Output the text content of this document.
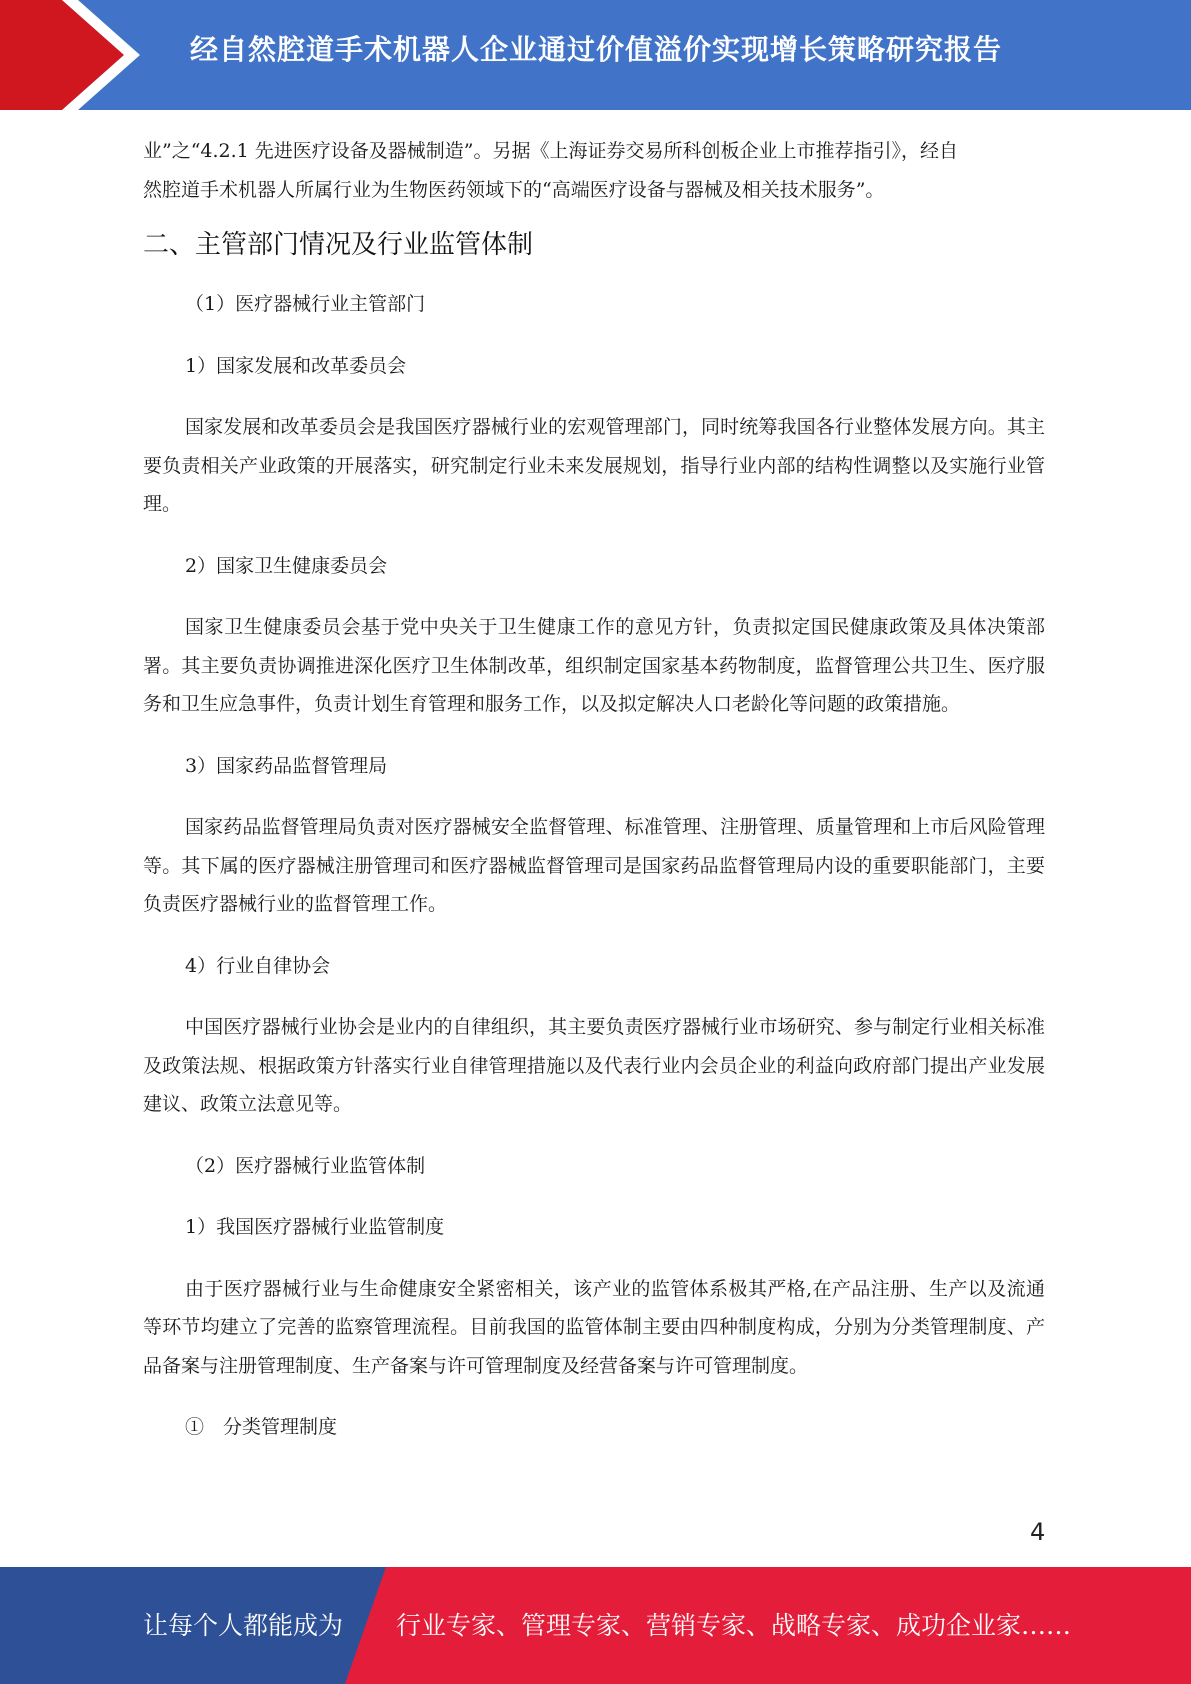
经自然腔道手术机器人企业通过价值溢价实现增长策略研究报告

业”之“4.2.1 先进医疗设备及器械制造”。另据《上海证券交易所科创板企业上市推荐指引》，经自
然腔道手术机器人所属行业为生物医药领域下的“高端医疗设备与器械及相关技术服务”。

二、主管部门情况及行业监管体制

（1）医疗器械行业主管部门

1）国家发展和改革委员会

国家发展和改革委员会是我国医疗器械行业的宏观管理部门，同时统筹我国各行业整体发展方向。其主要负责相关产业政策的开展落实，研究制定行业未来发展规划，指导行业内部的结构性调整以及实施行业管理。

2）国家卫生健康委员会

国家卫生健康委员会基于党中央关于卫生健康工作的意见方针，负责拟定国民健康政策及具体决策部署。其主要负责协调推进深化医疗卫生体制改革，组织制定国家基本药物制度，监督管理公共卫生、医疗服务和卫生应急事件，负责计划生育管理和服务工作，以及拟定解决人口老龄化等问题的政策措施。

3）国家药品监督管理局

国家药品监督管理局负责对医疗器械安全监督管理、标准管理、注册管理、质量管理和上市后风险管理等。其下属的医疗器械注册管理司和医疗器械监督管理司是国家药品监督管理局内设的重要职能部门，主要负责医疗器械行业的监督管理工作。

4）行业自律协会

中国医疗器械行业协会是业内的自律组织，其主要负责医疗器械行业市场研究、参与制定行业相关标准及政策法规、根据政策方针落实行业自律管理措施以及代表行业内会员企业的利益向政府部门提出产业发展建议、政策立法意见等。

（2）医疗器械行业监管体制

1）我国医疗器械行业监管制度

由于医疗器械行业与生命健康安全紧密相关，该产业的监管体系极其严格,在产品注册、生产以及流通等环节均建立了完善的监察管理流程。目前我国的监管体制主要由四种制度构成，分别为分类管理制度、产品备案与注册管理制度、生产备案与许可管理制度及经营备案与许可管理制度。

①　分类管理制度

4
让每个人都能成为 行业专家、管理专家、营销专家、战略专家、成功企业家……
